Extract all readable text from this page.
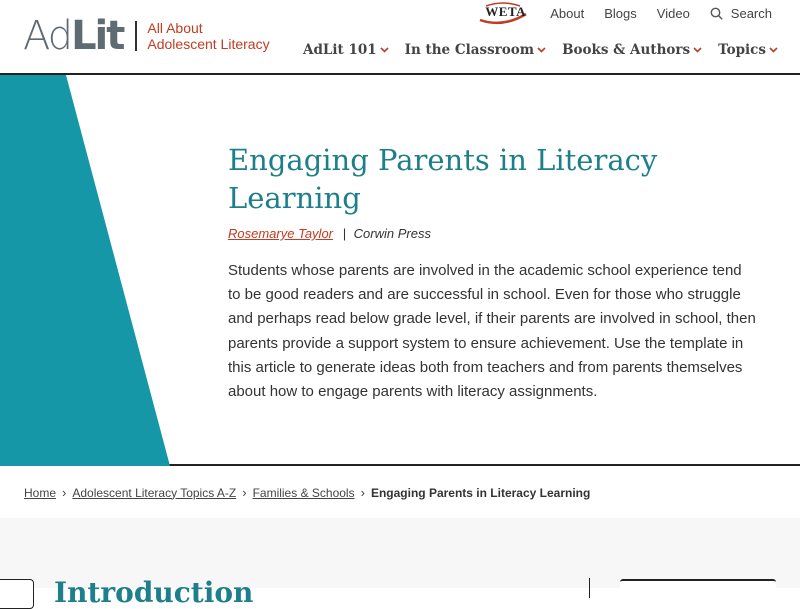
Ad Lit All About
Adolescent Literacy
WETA About Blogs Video	Search
AdLit 101 In the Classroom Books & Authors Topics
Engaging Parents in Literacy Learning
Rosemarye Taylor | Corwin Press

Students whose parents are involved in the academic school experience tend to be good readers and are successful in school. Even for those who struggle and perhaps read below grade level, if their parents are involved in school, then parents provide a support system to ensure achievement. Use the template in this article to generate ideas both from teachers and from parents themselves about how to engage parents with literacy assignments.

Home › Adolescent Literacy Topics A-Z › Families & Schools › Engaging Parents in Literacy Learning
Introduction
